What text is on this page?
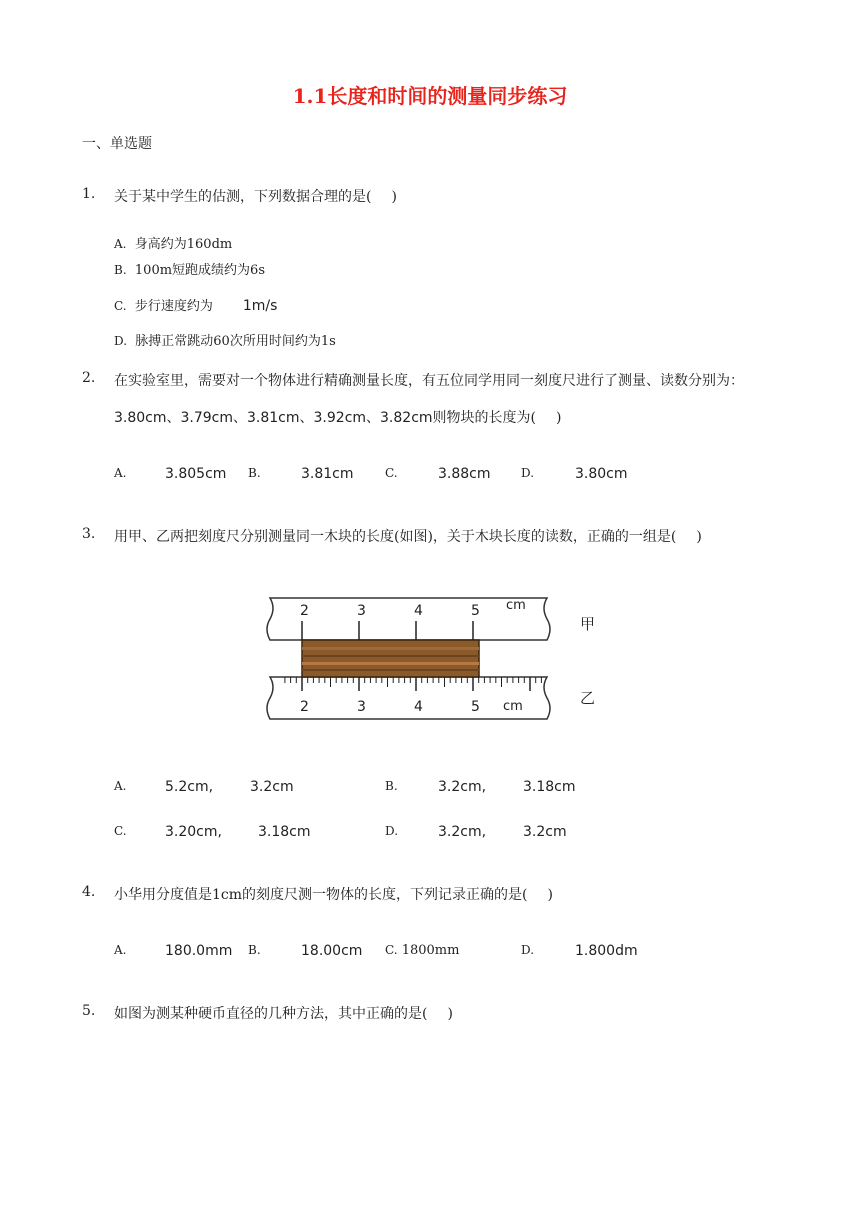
1.1长度和时间的测量同步练习
一、单选题
1. 关于某中学生的估测，下列数据合理的是( )
A. 身高约为160dm
B. 100m短跑成绩约为6s
C. 步行速度约为 1m/s
D. 脉搏正常跳动60次所用时间约为1s
2. 在实验室里，需要对一个物体进行精确测量长度，有五位同学用同一刻度尺进行了测量、读数分别为：
3.80cm、3.79cm、3.81cm、3.92cm、3.82cm则物块的长度为( )
A.	3.805cm B.	3.81cm	C.	3.88cm	D.	3.80cm
3. 用甲、乙两把刻度尺分别测量同一木块的长度(如图)，关于木块长度的读数，正确的一组是( )
2	3	4	5 cm
2	3	4	5 cm
甲
乙
A.	5.2cm,	3.2cm	B.	3.2cm,	3.18cm
C.	3.20cm,	3.18cm	D.	3.2cm,	3.2cm
4. 小华用分度值是1cm的刻度尺测一物体的长度，下列记录正确的是( )
A.	180.0mm B.	18.00cm C. 1800mm	D.	1.800dm
5. 如图为测某种硬币直径的几种方法，其中正确的是( )
